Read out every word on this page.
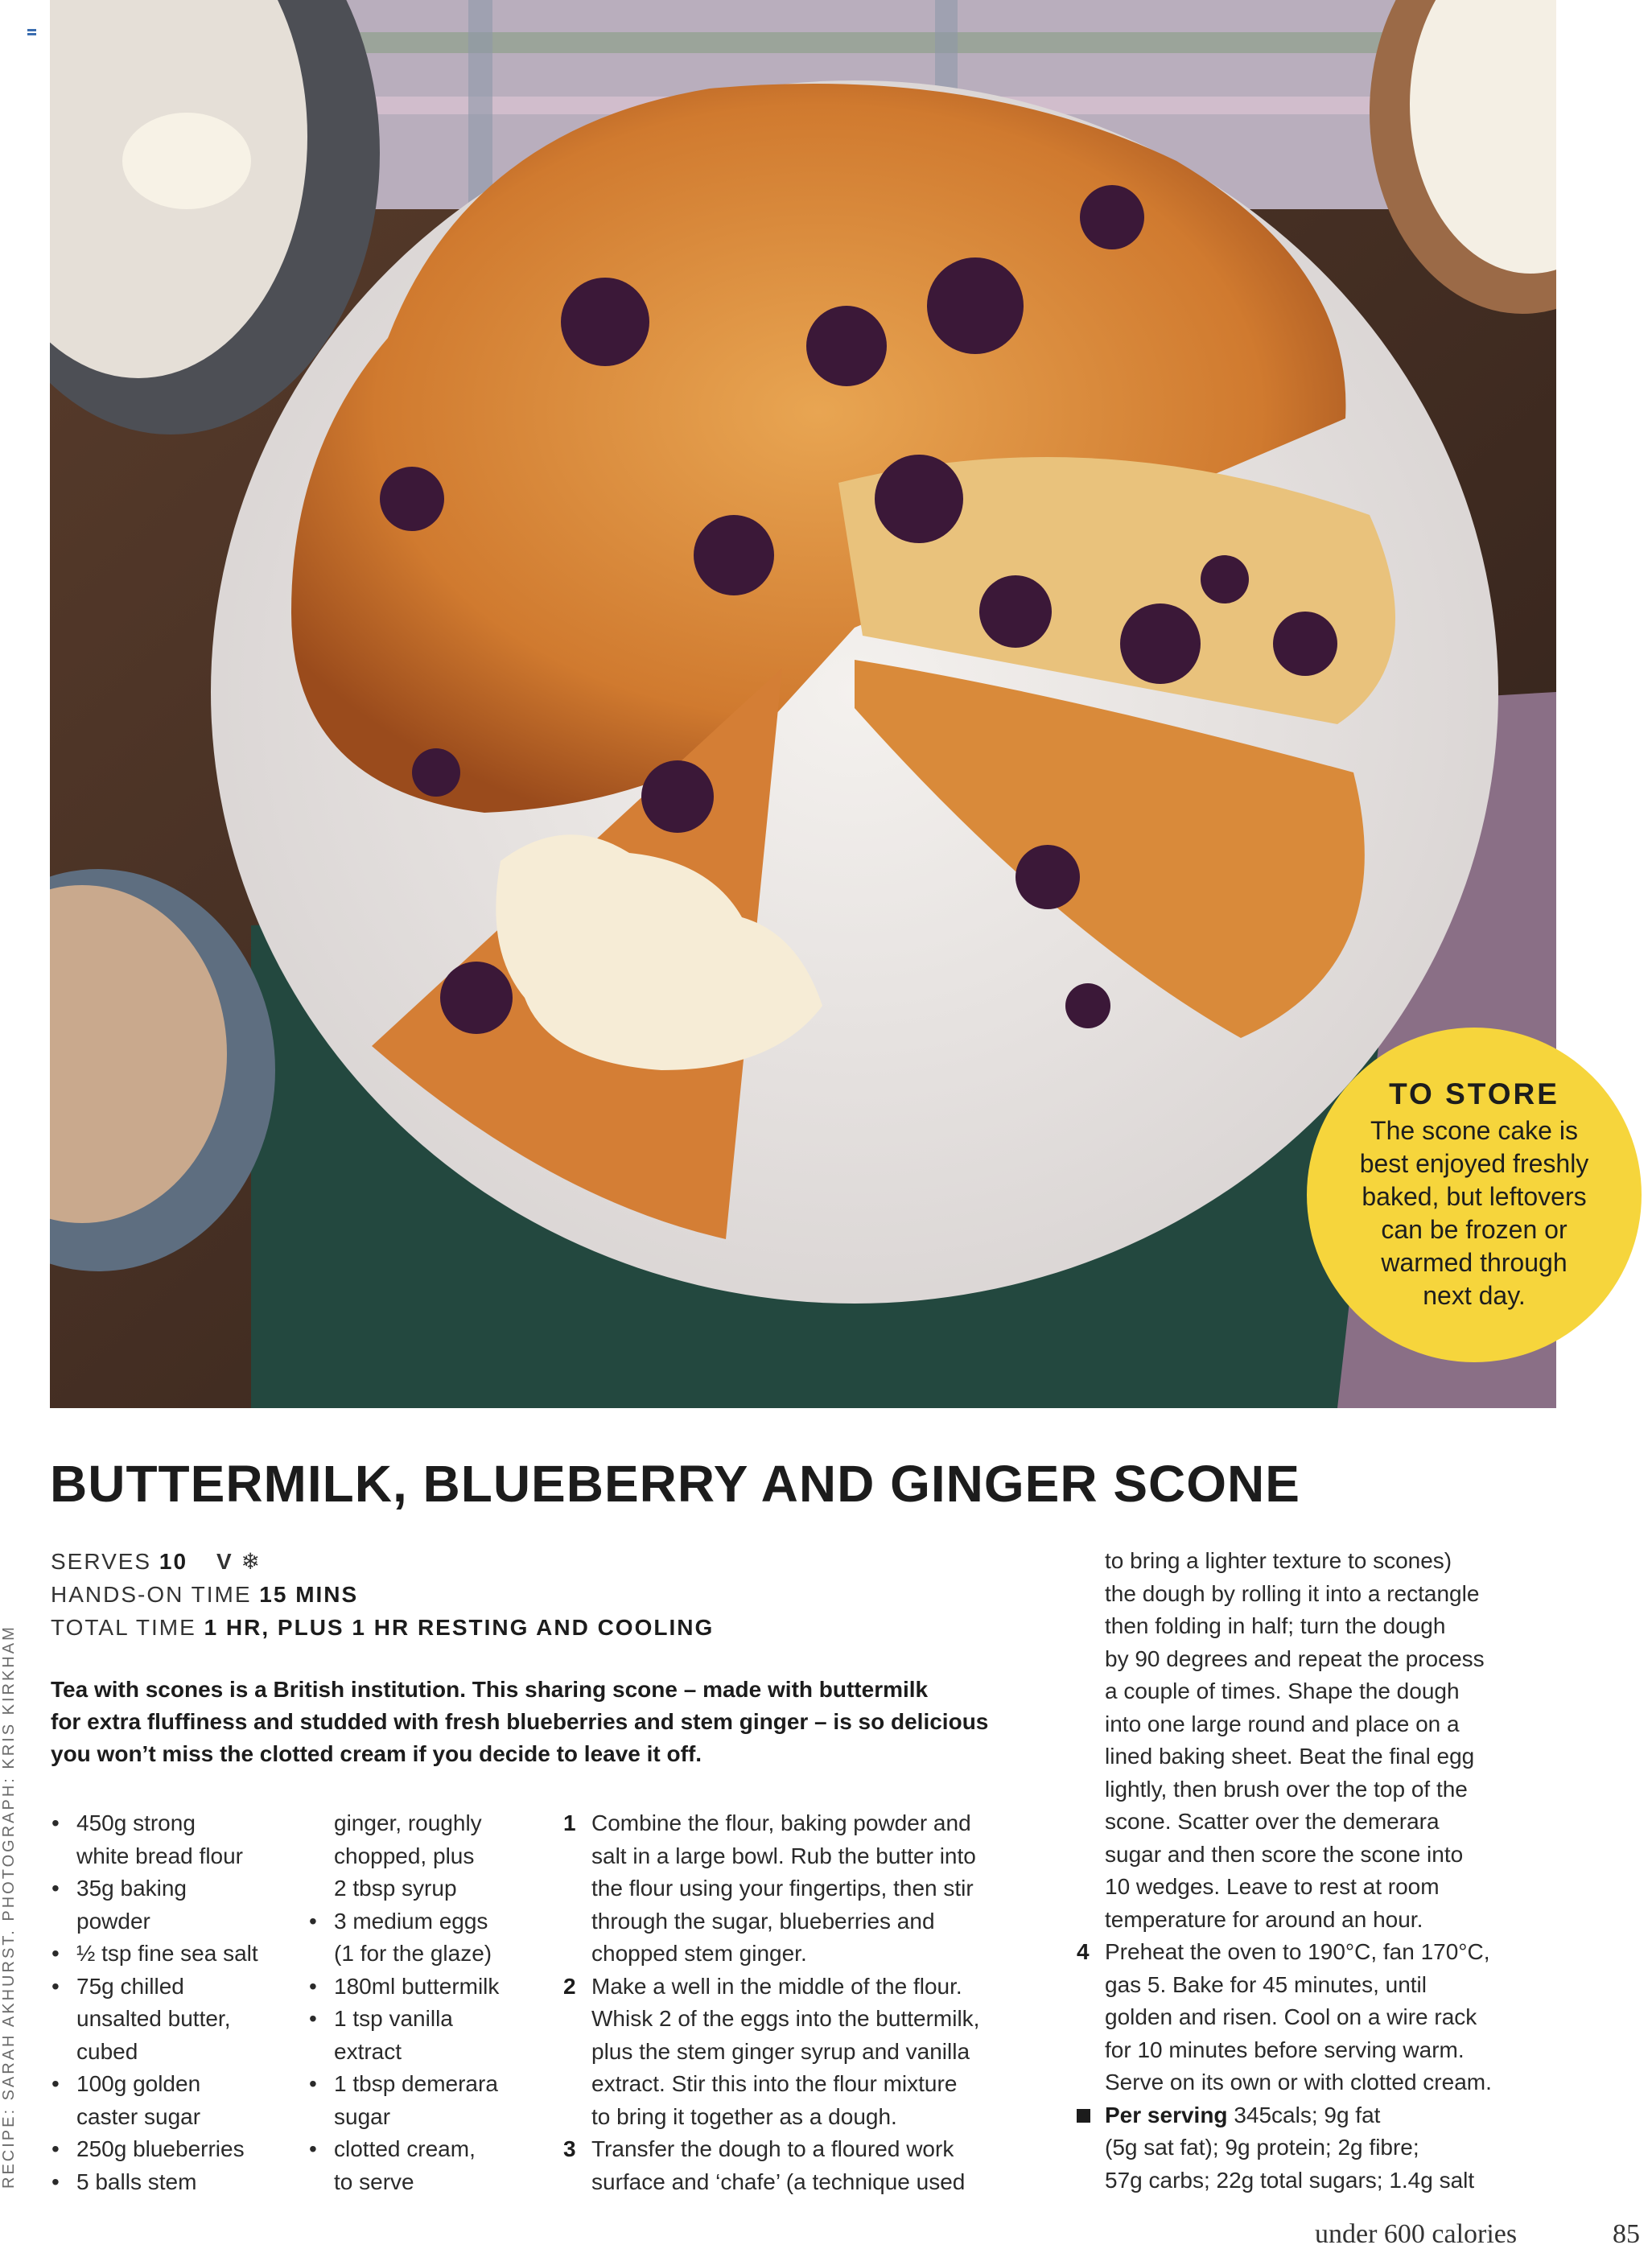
TO STORE
The scone cake is
best enjoyed freshly
baked, but leftovers
can be frozen or
warmed through
next day.
BUTTERMILK, BLUEBERRY AND GINGER SCONE
SERVES 10 V ❄
HANDS-ON TIME 15 MINS
TOTAL TIME 1 HR, PLUS 1 HR RESTING AND COOLING
Tea with scones is a British institution. This sharing scone – made with buttermilk
for extra fluffiness and studded with fresh blueberries and stem ginger – is so delicious
you won’t miss the clotted cream if you decide to leave it off.
• 450g strong
white bread flour
• 35g baking
powder
• ½ tsp fine sea salt
• 75g chilled
unsalted butter,
cubed
• 100g golden
caster sugar
• 250g blueberries
• 5 balls stem
ginger, roughly
chopped, plus
2 tbsp syrup
• 3 medium eggs
(1 for the glaze)
• 180ml buttermilk
• 1 tsp vanilla
extract
• 1 tbsp demerara
sugar
• clotted cream,
to serve
1 Combine the flour, baking powder and
salt in a large bowl. Rub the butter into
the flour using your fingertips, then stir
through the sugar, blueberries and
chopped stem ginger.
2 Make a well in the middle of the flour.
Whisk 2 of the eggs into the buttermilk,
plus the stem ginger syrup and vanilla
extract. Stir this into the flour mixture
to bring it together as a dough.
3 Transfer the dough to a floured work
surface and ‘chafe’ (a technique used
to bring a lighter texture to scones)
the dough by rolling it into a rectangle
then folding in half; turn the dough
by 90 degrees and repeat the process
a couple of times. Shape the dough
into one large round and place on a
lined baking sheet. Beat the final egg
lightly, then brush over the top of the
scone. Scatter over the demerara
sugar and then score the scone into
10 wedges. Leave to rest at room
temperature for around an hour.
4 Preheat the oven to 190°C, fan 170°C,
gas 5. Bake for 45 minutes, until
golden and risen. Cool on a wire rack
for 10 minutes before serving warm.
Serve on its own or with clotted cream.
Per serving 345cals; 9g fat
(5g sat fat); 9g protein; 2g fibre;
57g carbs; 22g total sugars; 1.4g salt
RECIPE: SARAH AKHURST. PHOTOGRAPH: KRIS KIRKHAM
under 600 calories	85
